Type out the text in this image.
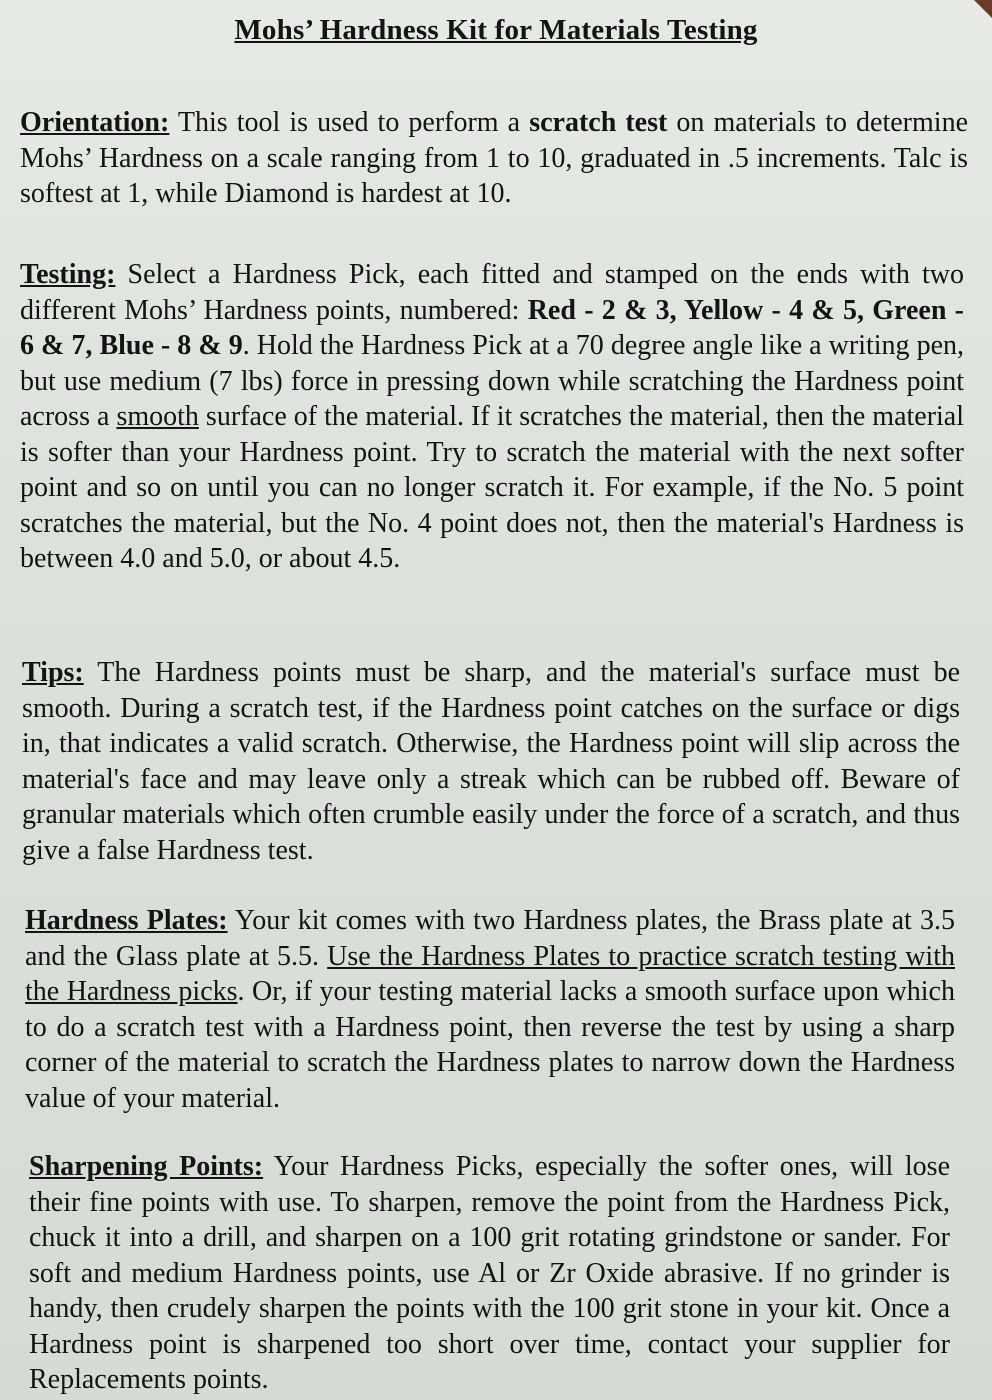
Mohs’ Hardness Kit for Materials Testing

Orientation: This tool is used to perform a scratch test on materials to determine Mohs’ Hardness on a scale ranging from 1 to 10, graduated in .5 increments. Talc is softest at 1, while Diamond is hardest at 10.

Testing: Select a Hardness Pick, each fitted and stamped on the ends with two different Mohs’ Hardness points, numbered: Red - 2 & 3, Yellow - 4 & 5, Green - 6 & 7, Blue - 8 & 9. Hold the Hardness Pick at a 70 degree angle like a writing pen, but use medium (7 lbs) force in pressing down while scratching the Hardness point across a smooth surface of the material. If it scratches the material, then the material is softer than your Hardness point. Try to scratch the material with the next softer point and so on until you can no longer scratch it. For example, if the No. 5 point scratches the material, but the No. 4 point does not, then the material's Hardness is between 4.0 and 5.0, or about 4.5.

Tips: The Hardness points must be sharp, and the material's surface must be smooth. During a scratch test, if the Hardness point catches on the surface or digs in, that indicates a valid scratch. Otherwise, the Hardness point will slip across the material's face and may leave only a streak which can be rubbed off. Beware of granular materials which often crumble easily under the force of a scratch, and thus give a false Hardness test.

Hardness Plates: Your kit comes with two Hardness plates, the Brass plate at 3.5 and the Glass plate at 5.5. Use the Hardness Plates to practice scratch testing with the Hardness picks. Or, if your testing material lacks a smooth surface upon which to do a scratch test with a Hardness point, then reverse the test by using a sharp corner of the material to scratch the Hardness plates to narrow down the Hardness value of your material.

Sharpening Points: Your Hardness Picks, especially the softer ones, will lose their fine points with use. To sharpen, remove the point from the Hardness Pick, chuck it into a drill, and sharpen on a 100 grit rotating grindstone or sander. For soft and medium Hardness points, use Al or Zr Oxide abrasive. If no grinder is handy, then crudely sharpen the points with the 100 grit stone in your kit. Once a Hardness point is sharpened too short over time, contact your supplier for Replacements points.
